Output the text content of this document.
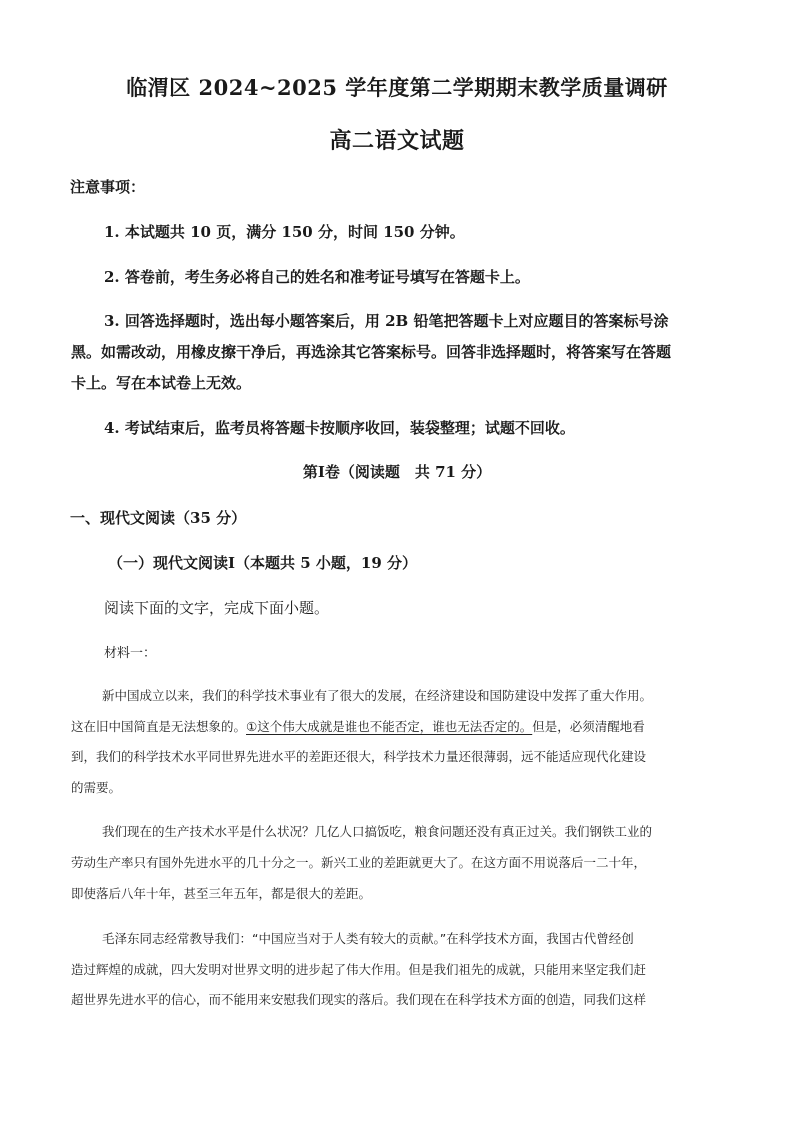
临渭区 2024~2025 学年度第二学期期末教学质量调研
高二语文试题
注意事项：
1. 本试题共 10 页，满分 150 分，时间 150 分钟。
2. 答卷前，考生务必将自己的姓名和准考证号填写在答题卡上。
3. 回答选择题时，选出每小题答案后，用 2B 铅笔把答题卡上对应题目的答案标号涂
黑。如需改动，用橡皮擦干净后，再选涂其它答案标号。回答非选择题时，将答案写在答题
卡上。写在本试卷上无效。
4. 考试结束后，监考员将答题卡按顺序收回，装袋整理；试题不回收。
第Ⅰ卷（阅读题　共 71 分）
一、现代文阅读（35 分）
（一）现代文阅读Ⅰ（本题共 5 小题，19 分）
阅读下面的文字，完成下面小题。
材料一：
新中国成立以来，我们的科学技术事业有了很大的发展，在经济建设和国防建设中发挥了重大作用。
这在旧中国简直是无法想象的。①这个伟大成就是谁也不能否定，谁也无法否定的。但是，必须清醒地看
到，我们的科学技术水平同世界先进水平的差距还很大，科学技术力量还很薄弱，远不能适应现代化建设
的需要。
我们现在的生产技术水平是什么状况？几亿人口搞饭吃，粮食问题还没有真正过关。我们钢铁工业的
劳动生产率只有国外先进水平的几十分之一。新兴工业的差距就更大了。在这方面不用说落后一二十年，
即使落后八年十年，甚至三年五年，都是很大的差距。
毛泽东同志经常教导我们：“中国应当对于人类有较大的贡献。”在科学技术方面，我国古代曾经创
造过辉煌的成就，四大发明对世界文明的进步起了伟大作用。但是我们祖先的成就，只能用来坚定我们赶
超世界先进水平的信心，而不能用来安慰我们现实的落后。我们现在在科学技术方面的创造，同我们这样
